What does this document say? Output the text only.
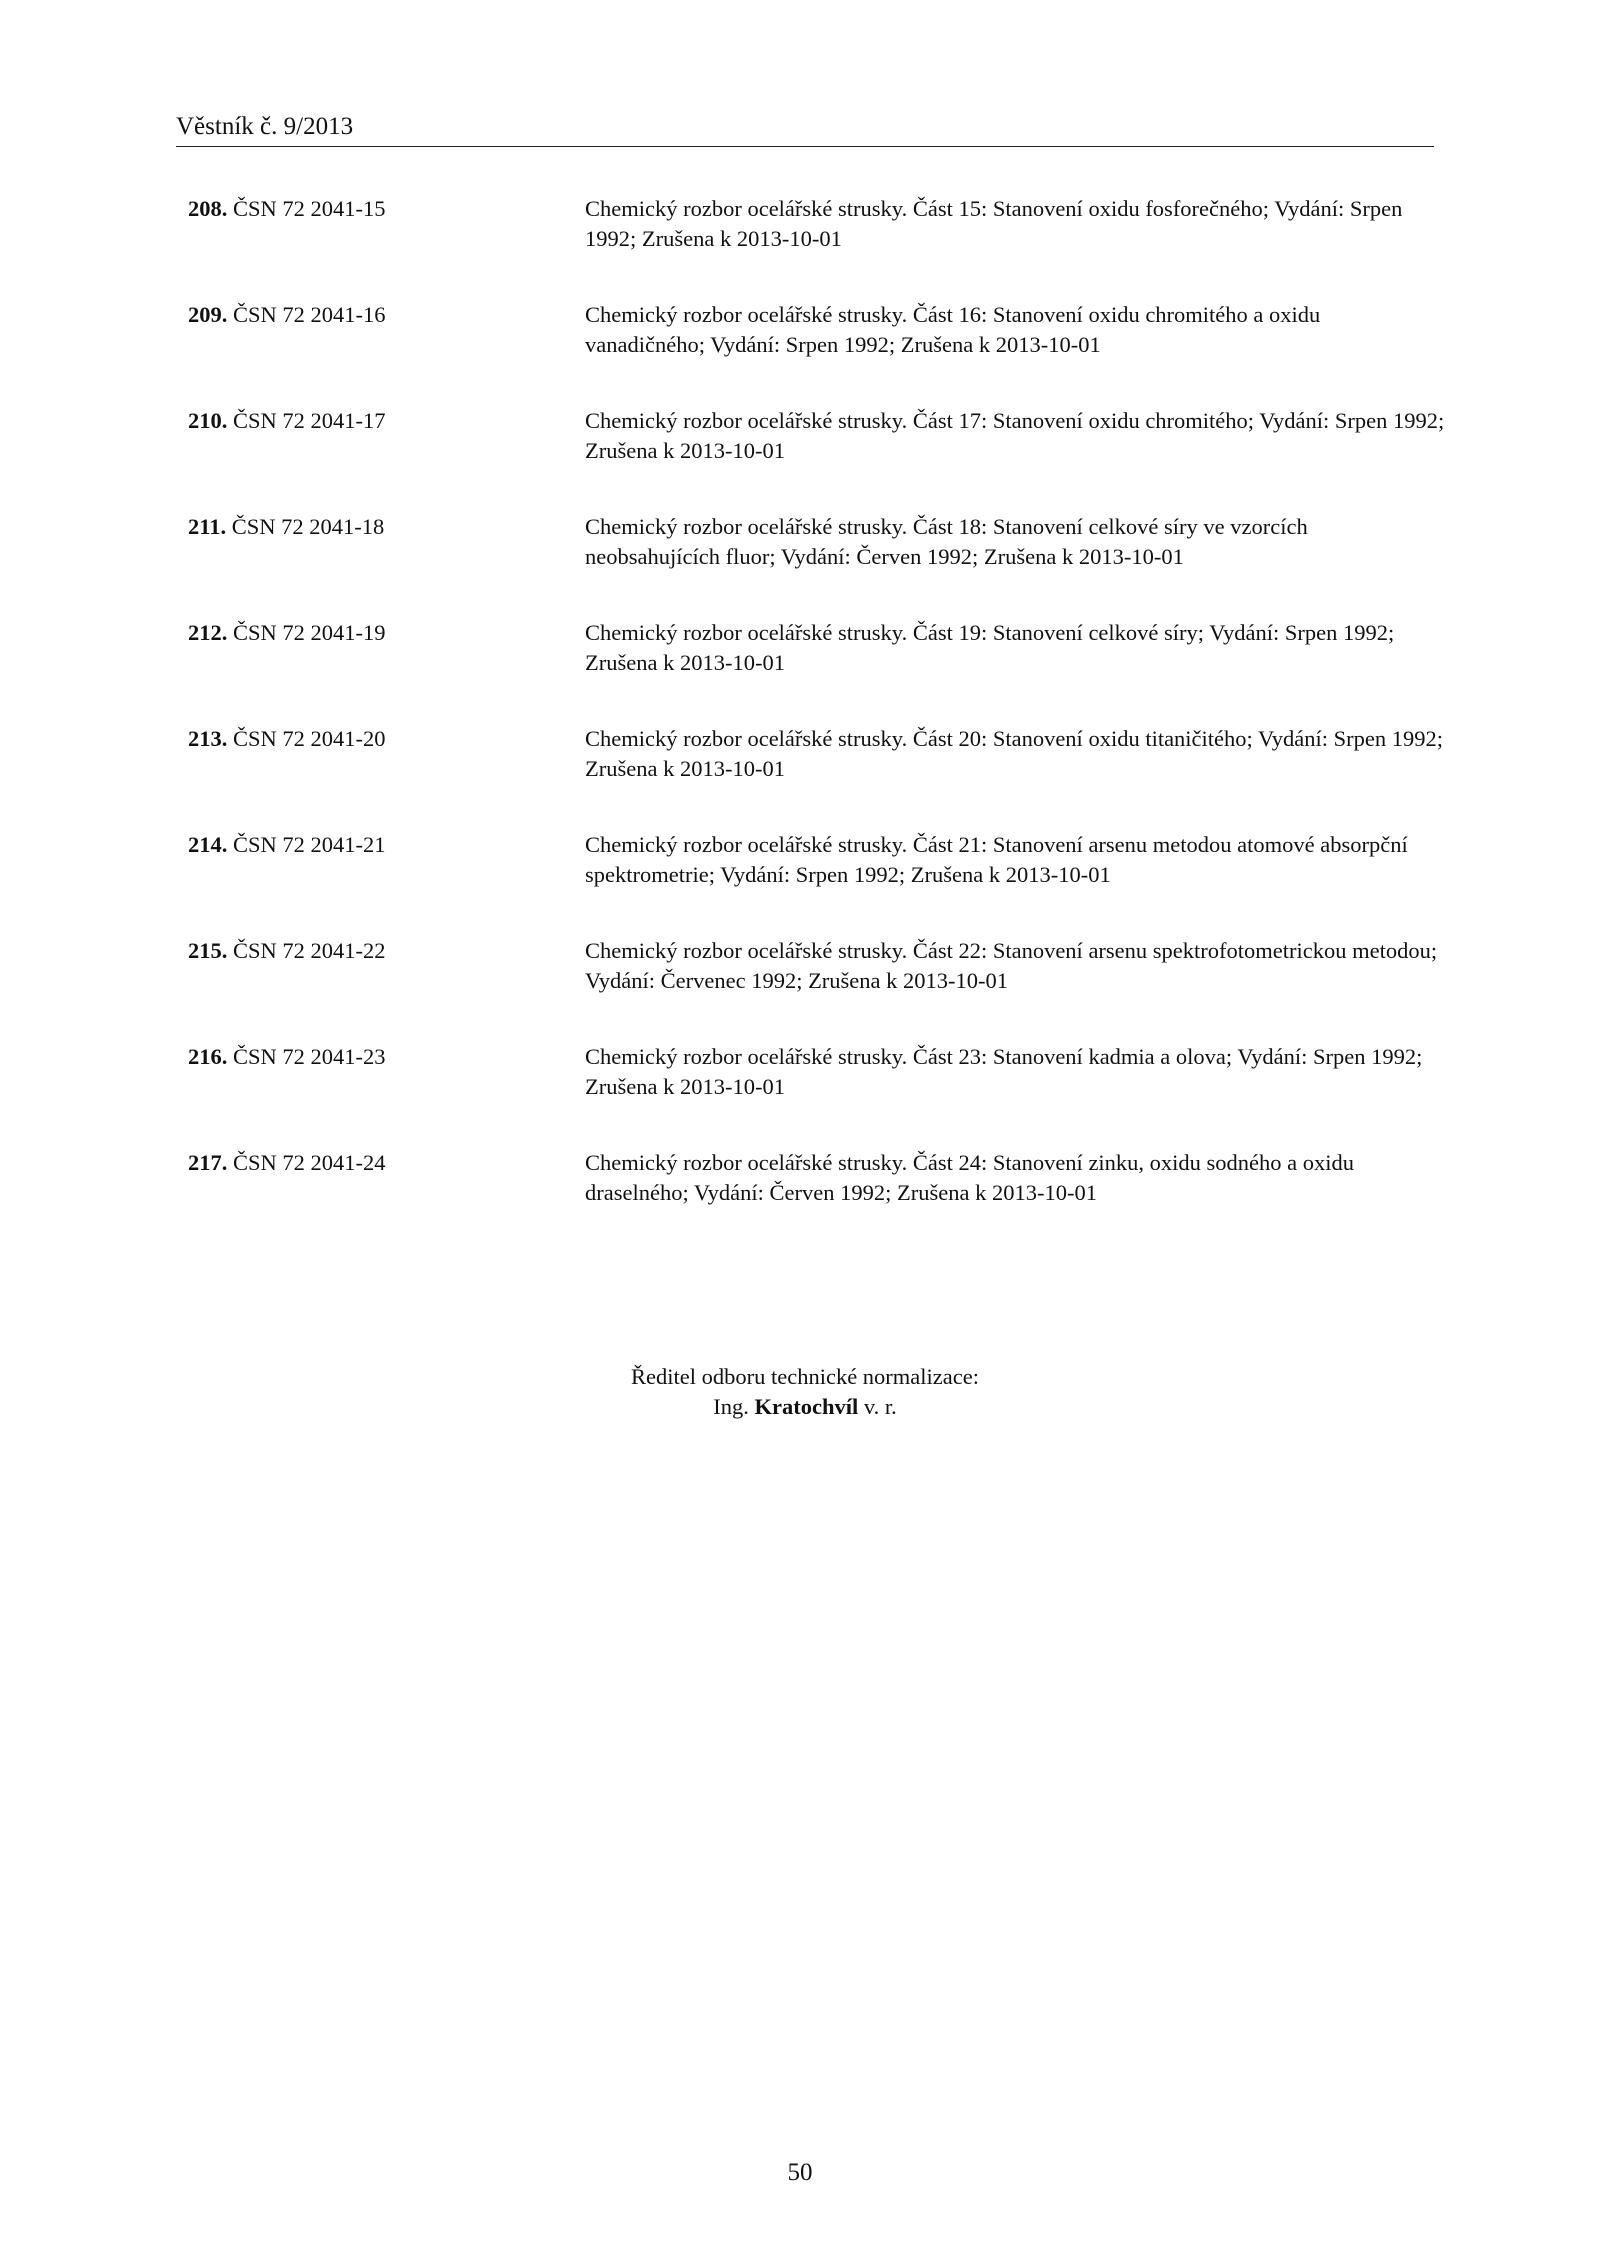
Věstník č. 9/2013
208. ČSN 72 2041-15	Chemický rozbor ocelářské strusky. Část 15: Stanovení oxidu fosforečného; Vydání: Srpen 1992; Zrušena k 2013-10-01
209. ČSN 72 2041-16	Chemický rozbor ocelářské strusky. Část 16: Stanovení oxidu chromitého a oxidu vanadičného; Vydání: Srpen 1992; Zrušena k 2013-10-01
210. ČSN 72 2041-17	Chemický rozbor ocelářské strusky. Část 17: Stanovení oxidu chromitého; Vydání: Srpen 1992; Zrušena k 2013-10-01
211. ČSN 72 2041-18	Chemický rozbor ocelářské strusky. Část 18: Stanovení celkové síry ve vzorcích neobsahujících fluor; Vydání: Červen 1992; Zrušena k 2013-10-01
212. ČSN 72 2041-19	Chemický rozbor ocelářské strusky. Část 19: Stanovení celkové síry; Vydání: Srpen 1992; Zrušena k 2013-10-01
213. ČSN 72 2041-20	Chemický rozbor ocelářské strusky. Část 20: Stanovení oxidu titaničitého; Vydání: Srpen 1992; Zrušena k 2013-10-01
214. ČSN 72 2041-21	Chemický rozbor ocelářské strusky. Část 21: Stanovení arsenu metodou atomové absorpční spektrometrie; Vydání: Srpen 1992; Zrušena k 2013-10-01
215. ČSN 72 2041-22	Chemický rozbor ocelářské strusky. Část 22: Stanovení arsenu spektrofotometrickou metodou; Vydání: Červenec 1992; Zrušena k 2013-10-01
216. ČSN 72 2041-23	Chemický rozbor ocelářské strusky. Část 23: Stanovení kadmia a olova; Vydání: Srpen 1992; Zrušena k 2013-10-01
217. ČSN 72 2041-24	Chemický rozbor ocelářské strusky. Část 24: Stanovení zinku, oxidu sodného a oxidu draselného; Vydání: Červen 1992; Zrušena k 2013-10-01
Ředitel odboru technické normalizace:
Ing. Kratochvíl v. r.
50
